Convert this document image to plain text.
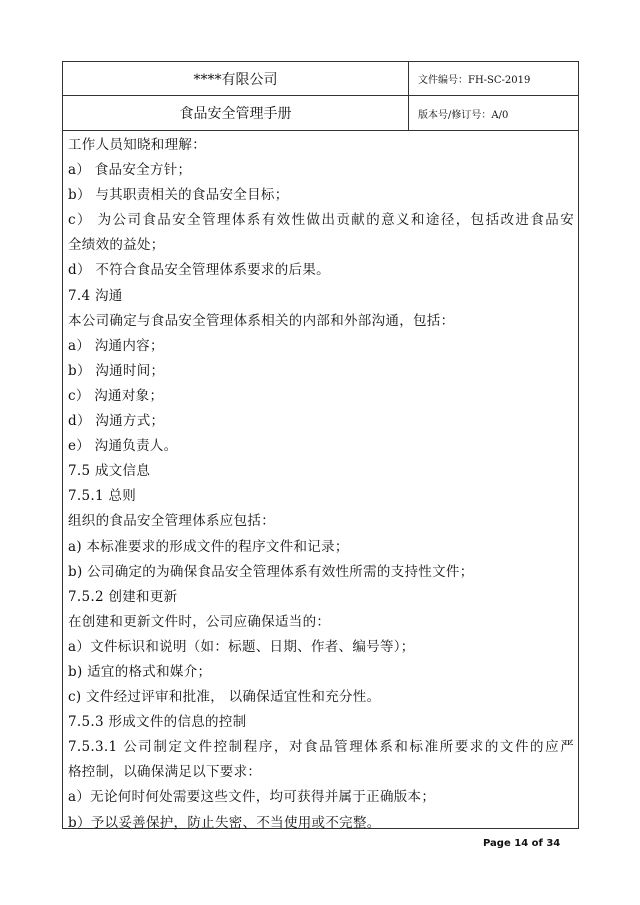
****有限公司	文件编号：FH-SC-2019
食品安全管理手册	版本号/修订号：A/0
工作人员知晓和理解：
a） 食品安全方针；
b） 与其职责相关的食品安全目标；
c） 为公司食品安全管理体系有效性做出贡献的意义和途径，包括改进食品安
全绩效的益处；
d） 不符合食品安全管理体系要求的后果。
7.4 沟通
本公司确定与食品安全管理体系相关的内部和外部沟通，包括：
a） 沟通内容；
b） 沟通时间；
c） 沟通对象；
d） 沟通方式；
e） 沟通负责人。
7.5 成文信息
7.5.1 总则
组织的食品安全管理体系应包括：
a) 本标准要求的形成文件的程序文件和记录；
b) 公司确定的为确保食品安全管理体系有效性所需的支持性文件；
7.5.2 创建和更新
在创建和更新文件时，公司应确保适当的：
a）文件标识和说明（如：标题、日期、作者、编号等）；
b) 适宜的格式和媒介；
c) 文件经过评审和批准， 以确保适宜性和充分性。
7.5.3 形成文件的信息的控制
7.5.3.1 公司制定文件控制程序，对食品管理体系和标准所要求的文件的应严
格控制，以确保满足以下要求：
a）无论何时何处需要这些文件，均可获得并属于正确版本；
b）予以妥善保护，防止失密、不当使用或不完整。
Page 14 of 34
